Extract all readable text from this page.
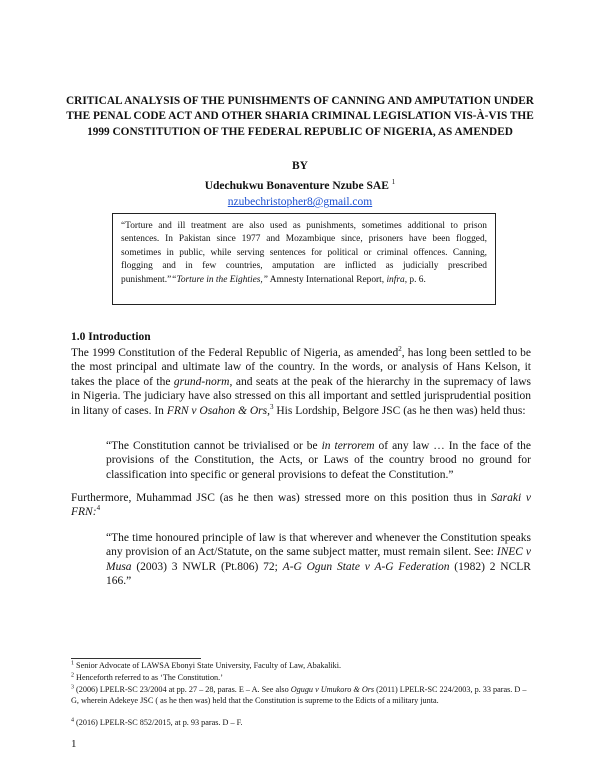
CRITICAL ANALYSIS OF THE PUNISHMENTS OF CANNING AND AMPUTATION UNDER THE PENAL CODE ACT AND OTHER SHARIA CRIMINAL LEGISLATION VIS-À-VIS THE 1999 CONSTITUTION OF THE FEDERAL REPUBLIC OF NIGERIA, AS AMENDED
BY
Udechukwu Bonaventure Nzube SAE $^1$
nzubechristopher8@gmail.com
“Torture and ill treatment are also used as punishments, sometimes additional to prison sentences. In Pakistan since 1977 and Mozambique since, prisoners have been flogged, sometimes in public, while serving sentences for political or criminal offences. Canning, flogging and in few countries, amputation are inflicted as judicially prescribed punishment.”“Torture in the Eighties,” Amnesty International Report, infra, p. 6.
1.0 Introduction
The 1999 Constitution of the Federal Republic of Nigeria, as amended$^2$, has long been settled to be the most principal and ultimate law of the country. In the words, or analysis of Hans Kelson, it takes the place of the grund-norm, and seats at the peak of the hierarchy in the supremacy of laws in Nigeria. The judiciary have also stressed on this all important and settled jurisprudential position in litany of cases. In FRN v Osahon & Ors,$^3$ His Lordship, Belgore JSC (as he then was) held thus:
“The Constitution cannot be trivialised or be in terrorem of any law … In the face of the provisions of the Constitution, the Acts, or Laws of the country brood no ground for classification into specific or general provisions to defeat the Constitution.”
Furthermore, Muhammad JSC (as he then was) stressed more on this position thus in Saraki v FRN:$^4$
“The time honoured principle of law is that wherever and whenever the Constitution speaks any provision of an Act/Statute, on the same subject matter, must remain silent. See: INEC v Musa (2003) 3 NWLR (Pt.806) 72; A-G Ogun State v A-G Federation (1982) 2 NCLR 166.”
$^1$ Senior Advocate of LAWSA Ebonyi State University, Faculty of Law, Abakaliki.
$^2$ Henceforth referred to as ‘The Constitution.’
$^3$ (2006) LPELR-SC 23/2004 at pp. 27 – 28, paras. E – A. See also Ogugu v Umukoro & Ors (2011) LPELR-SC 224/2003, p. 33 paras. D – G, wherein Adekeye JSC ( as he then was) held that the Constitution is supreme to the Edicts of a military junta.
$^4$ (2016) LPELR-SC 852/2015, at p. 93 paras. D – F.
1
